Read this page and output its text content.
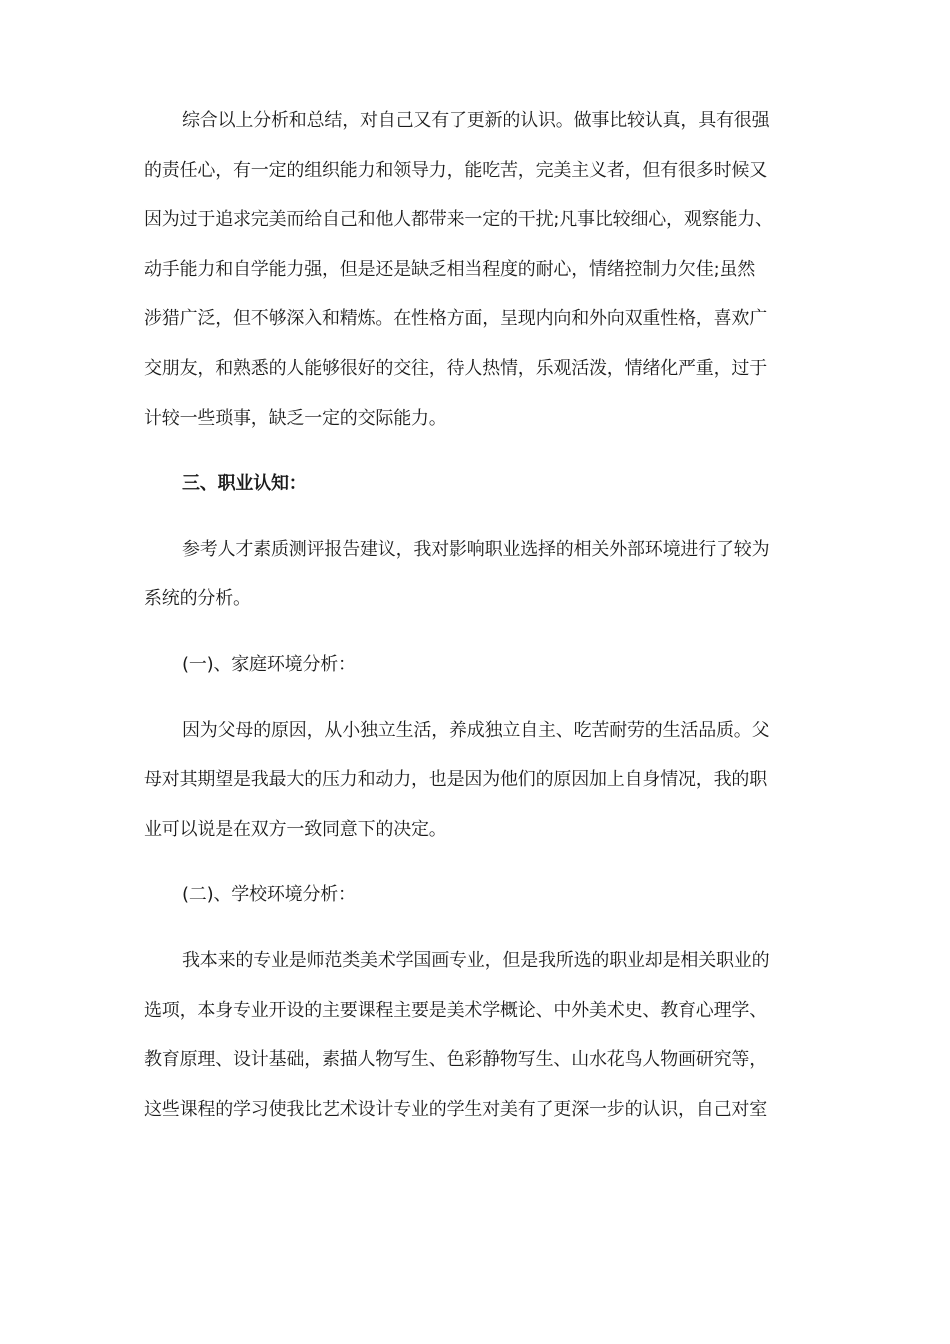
综合以上分析和总结，对自己又有了更新的认识。做事比较认真，具有很强
的责任心，有一定的组织能力和领导力，能吃苦，完美主义者，但有很多时候又
因为过于追求完美而给自己和他人都带来一定的干扰;凡事比较细心，观察能力、
动手能力和自学能力强，但是还是缺乏相当程度的耐心，情绪控制力欠佳;虽然
涉猎广泛，但不够深入和精炼。在性格方面，呈现内向和外向双重性格，喜欢广
交朋友，和熟悉的人能够很好的交往，待人热情，乐观活泼，情绪化严重，过于
计较一些琐事，缺乏一定的交际能力。
三、职业认知：
参考人才素质测评报告建议，我对影响职业选择的相关外部环境进行了较为
系统的分析。
(一)、家庭环境分析：
因为父母的原因，从小独立生活，养成独立自主、吃苦耐劳的生活品质。父
母对其期望是我最大的压力和动力，也是因为他们的原因加上自身情况，我的职
业可以说是在双方一致同意下的决定。
(二)、学校环境分析：
我本来的专业是师范类美术学国画专业，但是我所选的职业却是相关职业的
选项，本身专业开设的主要课程主要是美术学概论、中外美术史、教育心理学、
教育原理、设计基础，素描人物写生、色彩静物写生、山水花鸟人物画研究等，
这些课程的学习使我比艺术设计专业的学生对美有了更深一步的认识，自己对室
